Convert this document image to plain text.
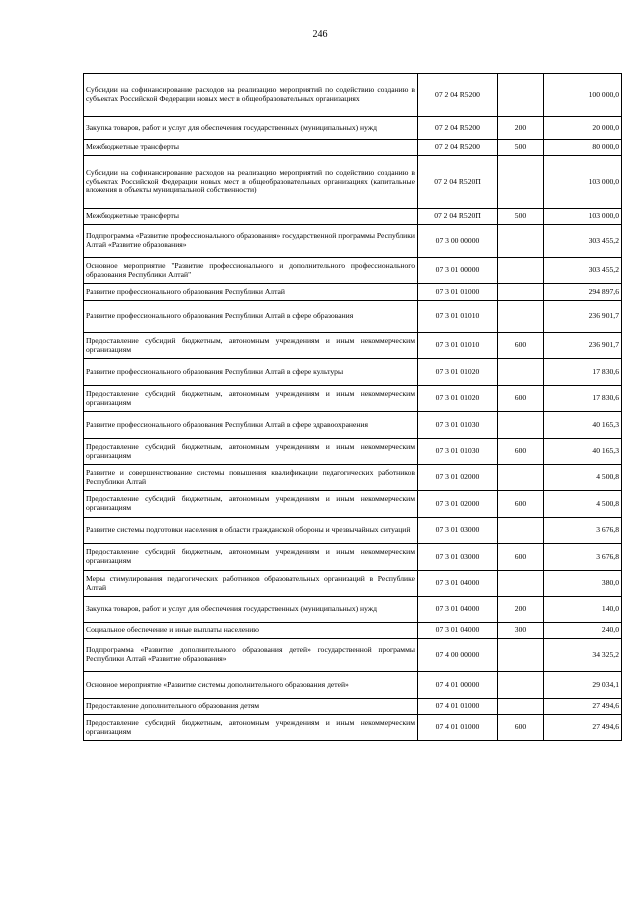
246
Субсидии на софинансирование расходов на реализацию мероприятий по содействию созданию в субъектах Российской Федерации новых мест в общеобразовательных организациях	07 2 04 R5200		100 000,0
Закупка товаров, работ и услуг для обеспечения государственных (муниципальных) нужд	07 2 04 R5200	200	20 000,0
Межбюджетные трансферты	07 2 04 R5200	500	80 000,0
Субсидии на софинансирование расходов на реализацию мероприятий по содействию созданию в субъектах Российской Федерации новых мест в общеобразовательных организациях (капитальные вложения в объекты муниципальной собственности)	07 2 04 R520П		103 000,0
Межбюджетные трансферты	07 2 04 R520П	500	103 000,0
Подпрограмма «Развитие профессионального образования» государственной программы Республики Алтай «Развитие образования»	07 3 00 00000		303 455,2
Основное мероприятие "Развитие профессионального и дополнительного профессионального образования Республики Алтай"	07 3 01 00000		303 455,2
Развитие профессионального образования Республики Алтай	07 3 01 01000		294 897,6
Развитие профессионального образования Республики Алтай в сфере образования	07 3 01 01010		236 901,7
Предоставление субсидий бюджетным, автономным учреждениям и иным некоммерческим организациям	07 3 01 01010	600	236 901,7
Развитие профессионального образования Республики Алтай в сфере культуры	07 3 01 01020		17 830,6
Предоставление субсидий бюджетным, автономным учреждениям и иным некоммерческим организациям	07 3 01 01020	600	17 830,6
Развитие профессионального образования Республики Алтай в сфере здравоохранения	07 3 01 01030		40 165,3
Предоставление субсидий бюджетным, автономным учреждениям и иным некоммерческим организациям	07 3 01 01030	600	40 165,3
Развитие и совершенствование системы повышения квалификации педагогических работников Республики Алтай	07 3 01 02000		4 500,8
Предоставление субсидий бюджетным, автономным учреждениям и иным некоммерческим организациям	07 3 01 02000	600	4 500,8
Развитие системы подготовки населения в области гражданской обороны и чрезвычайных ситуаций	07 3 01 03000		3 676,8
Предоставление субсидий бюджетным, автономным учреждениям и иным некоммерческим организациям	07 3 01 03000	600	3 676,8
Меры стимулирования педагогических работников образовательных организаций в Республике Алтай	07 3 01 04000		380,0
Закупка товаров, работ и услуг для обеспечения государственных (муниципальных) нужд	07 3 01 04000	200	140,0
Социальное обеспечение и иные выплаты населению	07 3 01 04000	300	240,0
Подпрограмма «Развитие дополнительного образования детей» государственной программы Республики Алтай «Развитие образования»	07 4 00 00000		34 325,2
Основное мероприятие «Развитие системы дополнительного образования детей»	07 4 01 00000		29 034,1
Предоставление дополнительного образования детям	07 4 01 01000		27 494,6
Предоставление субсидий бюджетным, автономным учреждениям и иным некоммерческим организациям	07 4 01 01000	600	27 494,6
